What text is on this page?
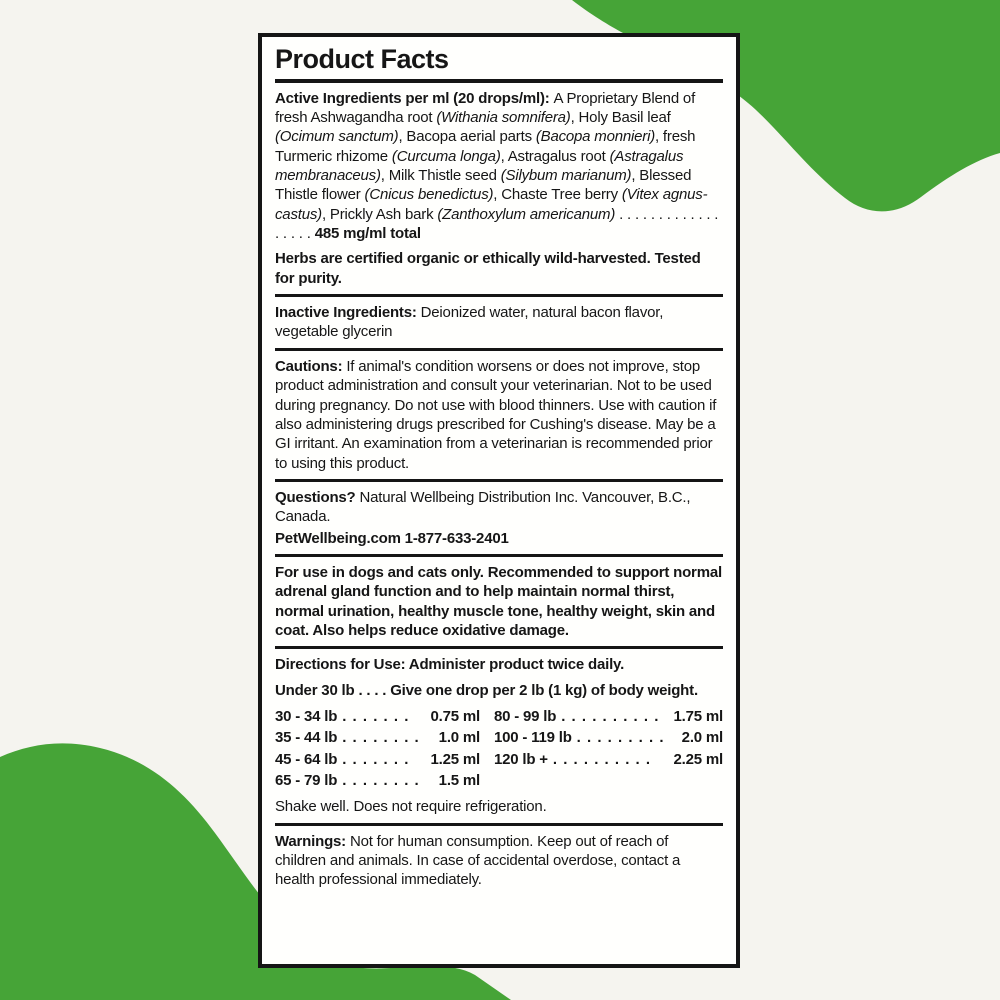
Product Facts

Active Ingredients per ml (20 drops/ml): A Proprietary Blend of fresh Ashwagandha root (Withania somnifera), Holy Basil leaf (Ocimum sanctum), Bacopa aerial parts (Bacopa monnieri), fresh Turmeric rhizome (Curcuma longa), Astragalus root (Astragalus membranaceus), Milk Thistle seed (Silybum marianum), Blessed Thistle flower (Cnicus benedictus), Chaste Tree berry (Vitex agnus-castus), Prickly Ash bark (Zanthoxylum americanum) . . . . . . . . . . . . . . . . . . 485 mg/ml total

Herbs are certified organic or ethically wild-harvested. Tested for purity.

Inactive Ingredients: Deionized water, natural bacon flavor, vegetable glycerin

Cautions: If animal's condition worsens or does not improve, stop product administration and consult your veterinarian. Not to be used during pregnancy. Do not use with blood thinners. Use with caution if also administering drugs prescribed for Cushing's disease. May be a GI irritant. An examination from a veterinarian is recommended prior to using this product.

Questions? Natural Wellbeing Distribution Inc. Vancouver, B.C., Canada.

PetWellbeing.com 1-877-633-2401

For use in dogs and cats only. Recommended to support normal adrenal gland function and to help maintain normal thirst, normal urination, healthy muscle tone, healthy weight, skin and coat. Also helps reduce oxidative damage.

Directions for Use: Administer product twice daily.

Under 30 lb . . . . Give one drop per 2 lb (1 kg) of body weight.

30 - 34 lb . . . . . . .	0.75 ml
35 - 44 lb . . . . . . . .	1.0 ml
45 - 64 lb . . . . . . .	1.25 ml
65 - 79 lb . . . . . . . .	1.5 ml
80 - 99 lb . . . . . . . . . . 1.75 ml
100 - 119 lb . . . . . . . . .	2.0 ml
120 lb + . . . . . . . . . .	2.25 ml

Shake well. Does not require refrigeration.

Warnings: Not for human consumption. Keep out of reach of children and animals. In case of accidental overdose, contact a health professional immediately.
